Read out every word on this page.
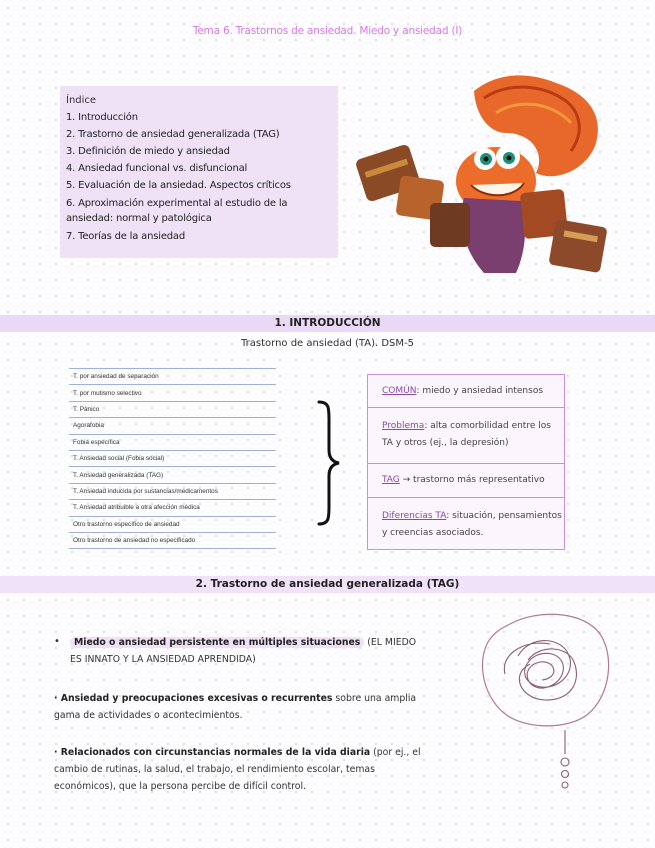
Tema 6. Trastornos de ansiedad. Miedo y ansiedad (I)
Índice
1. Introducción
2. Trastorno de ansiedad generalizada (TAG)
3. Definición de miedo y ansiedad
4. Ansiedad funcional vs. disfuncional
5. Evaluación de la ansiedad. Aspectos críticos
6. Aproximación experimental al estudio de la ansiedad: normal y patológica
7. Teorías de la ansiedad
1. INTRODUCCIÓN
Trastorno de ansiedad (TA). DSM-5
T. por ansiedad de separación
T. por mutismo selectivo
T. Pánico
Agorafobia
Fobia específica
T. Ansiedad social (Fobia social)
T. Ansiedad generalizada (TAG)
T. Ansiedad inducida por sustancias/medicamentos
T. Ansiedad atribuible a otra afección médica
Otro trastorno específico de ansiedad
Otro trastorno de ansiedad no especificado
COMÚN: miedo y ansiedad intensos
Problema: alta comorbilidad entre los TA y otros (ej., la depresión)
TAG → trastorno más representativo
Diferencias TA: situación, pensamientos y creencias asociados.
2. Trastorno de ansiedad generalizada (TAG)
•	Miedo o ansiedad persistente en múltiples situaciones (EL MIEDO ES INNATO Y LA ANSIEDAD APRENDIDA)
· Ansiedad y preocupaciones excesivas o recurrentes sobre una amplia gama de actividades o acontecimientos.
· Relacionados con circunstancias normales de la vida diaria (por ej., el cambio de rutinas, la salud, el trabajo, el rendimiento escolar, temas económicos), que la persona percibe de difícil control.
